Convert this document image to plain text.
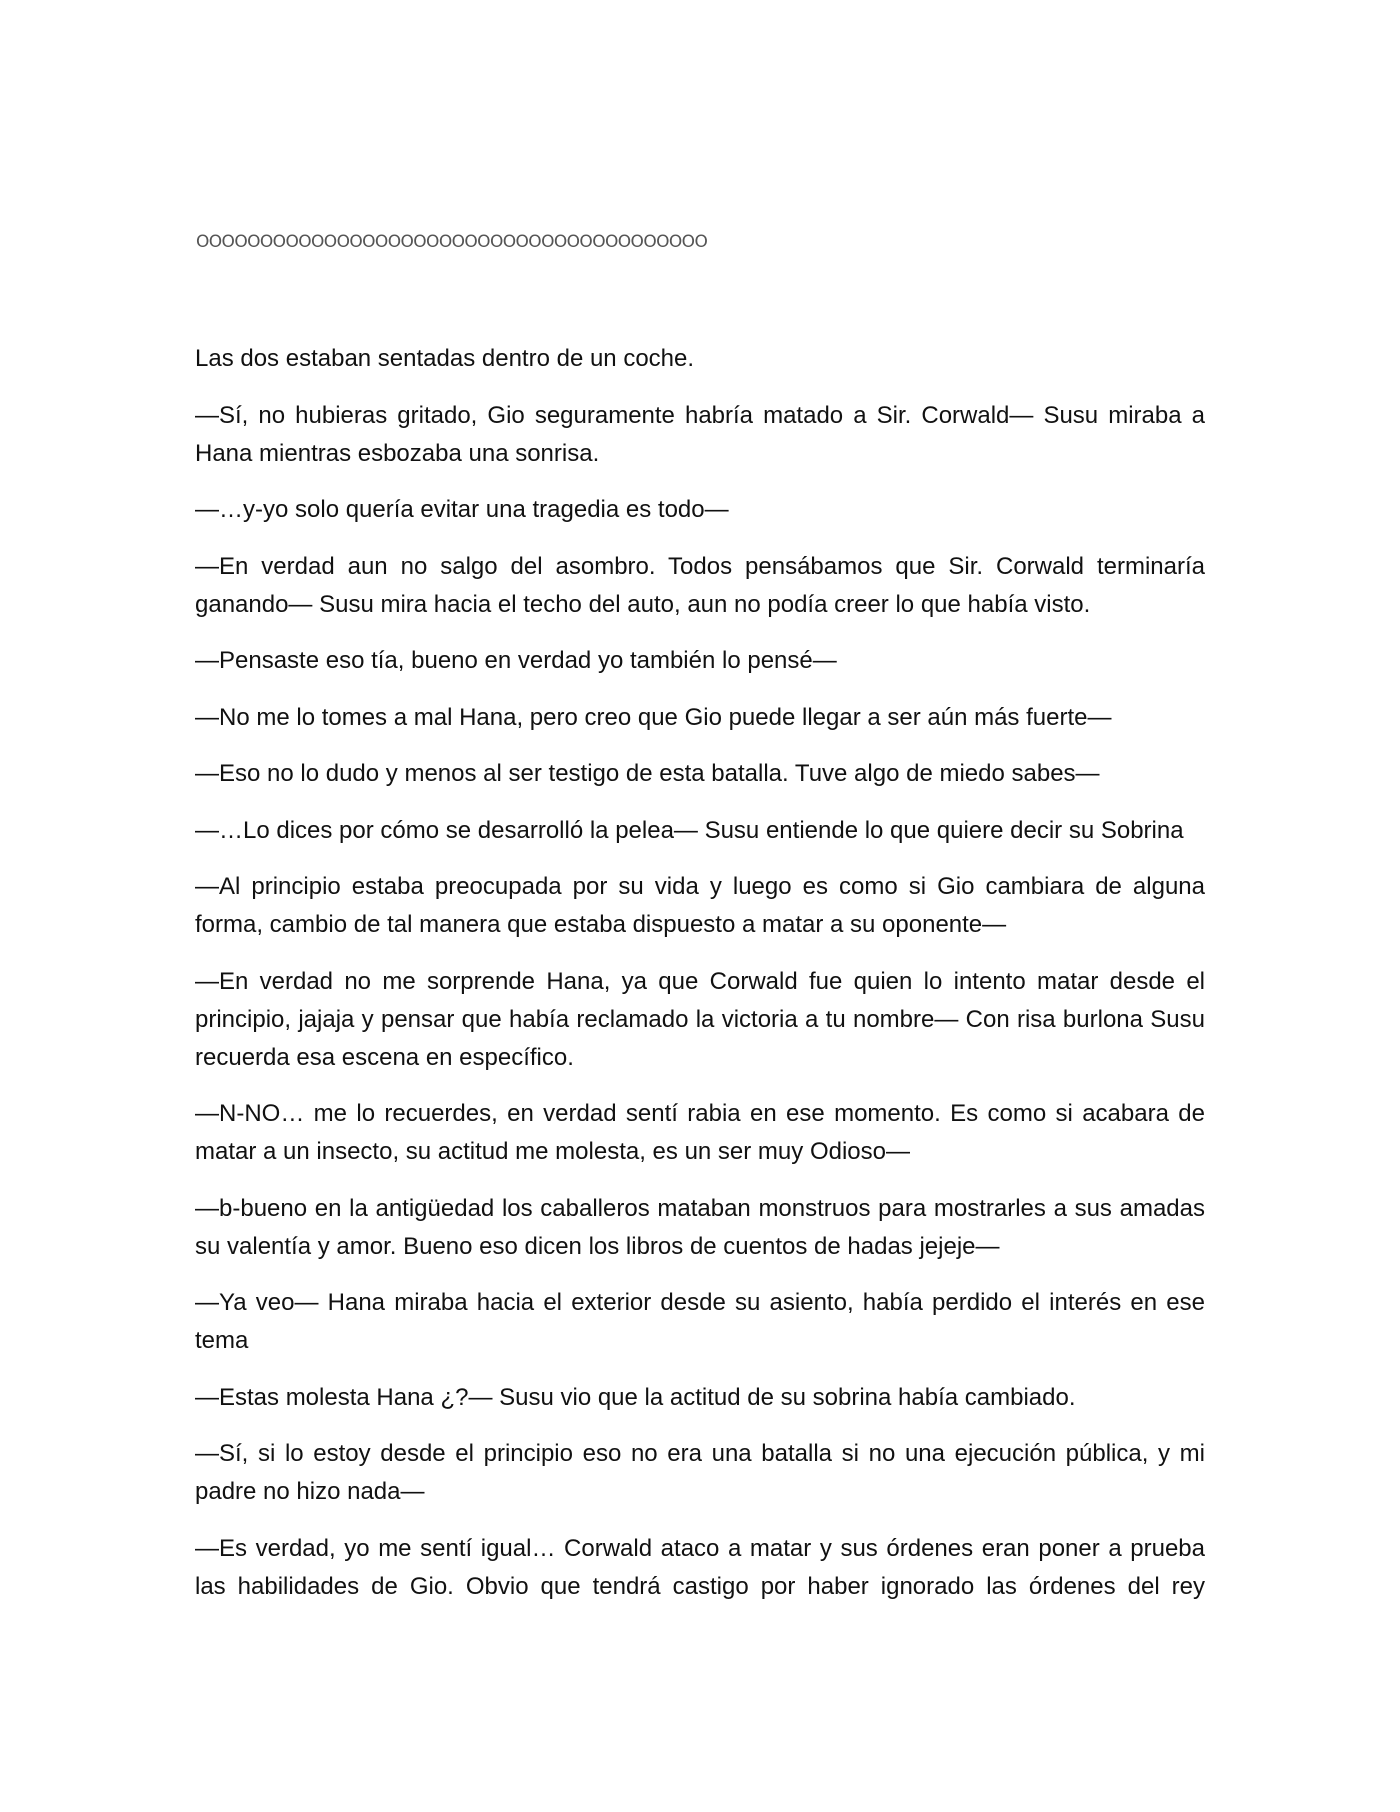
OOOOOOOOOOOOOOOOOOOOOOOOOOOOOOOOOOOOOOOO

Las dos estaban sentadas dentro de un coche.

—Sí, no hubieras gritado, Gio seguramente habría matado a Sir. Corwald— Susu miraba a Hana mientras esbozaba una sonrisa.

—…y-yo solo quería evitar una tragedia es todo—

—En verdad aun no salgo del asombro. Todos pensábamos que Sir. Corwald terminaría ganando— Susu mira hacia el techo del auto, aun no podía creer lo que había visto.

—Pensaste eso tía, bueno en verdad yo también lo pensé—

—No me lo tomes a mal Hana, pero creo que Gio puede llegar a ser aún más fuerte—

—Eso no lo dudo y menos al ser testigo de esta batalla. Tuve algo de miedo sabes—

—…Lo dices por cómo se desarrolló la pelea— Susu entiende lo que quiere decir su Sobrina

—Al principio estaba preocupada por su vida y luego es como si Gio cambiara de alguna forma, cambio de tal manera que estaba dispuesto a matar a su oponente—

—En verdad no me sorprende Hana, ya que Corwald fue quien lo intento matar desde el principio, jajaja y pensar que había reclamado la victoria a tu nombre— Con risa burlona Susu recuerda esa escena en específico.

—N-NO… me lo recuerdes, en verdad sentí rabia en ese momento. Es como si acabara de matar a un insecto, su actitud me molesta, es un ser muy Odioso—

—b-bueno en la antigüedad los caballeros mataban monstruos para mostrarles a sus amadas su valentía y amor. Bueno eso dicen los libros de cuentos de hadas jejeje—

—Ya veo— Hana miraba hacia el exterior desde su asiento, había perdido el interés en ese tema

—Estas molesta Hana ¿?— Susu vio que la actitud de su sobrina había cambiado.

—Sí, si lo estoy desde el principio eso no era una batalla si no una ejecución pública, y mi padre no hizo nada—

—Es verdad, yo me sentí igual… Corwald ataco a matar y sus órdenes eran poner a prueba las habilidades de Gio. Obvio que tendrá castigo por haber ignorado las órdenes del rey
